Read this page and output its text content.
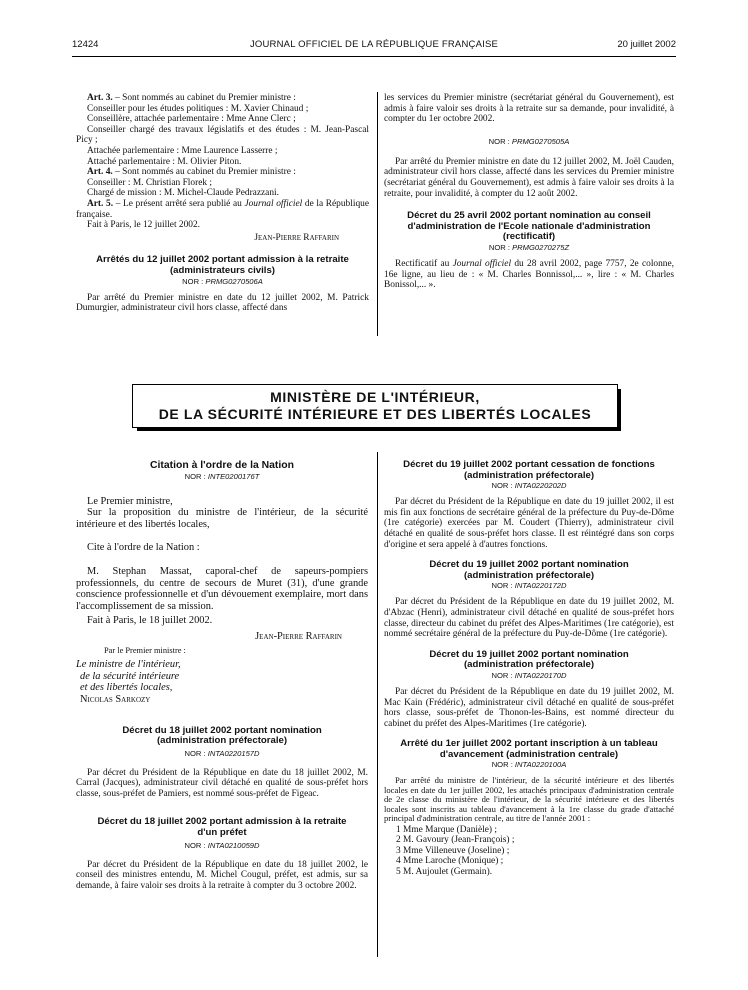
12424	JOURNAL OFFICIEL DE LA RÉPUBLIQUE FRANÇAISE	20 juillet 2002

Art. 3. – Sont nommés au cabinet du Premier ministre :

Conseiller pour les études politiques : M. Xavier Chinaud ;

Conseillère, attachée parlementaire : Mme Anne Clerc ;

Conseiller chargé des travaux législatifs et des études : M. Jean-Pascal Picy ;

Attachée parlementaire : Mme Laurence Lasserre ;

Attaché parlementaire : M. Olivier Piton.

Art. 4. – Sont nommés au cabinet du Premier ministre :

Conseiller : M. Christian Florek ;

Chargé de mission : M. Michel-Claude Pedrazzani.

Art. 5. – Le présent arrêté sera publié au Journal officiel de la République française.

Fait à Paris, le 12 juillet 2002.

Jean-Pierre Raffarin

Arrêtés du 12 juillet 2002 portant admission à la retraite (administrateurs civils)

NOR : PRMG0270506A

Par arrêté du Premier ministre en date du 12 juillet 2002, M. Patrick Dumurgier, administrateur civil hors classe, affecté dans

les services du Premier ministre (secrétariat général du Gouvernement), est admis à faire valoir ses droits à la retraite sur sa demande, pour invalidité, à compter du 1er octobre 2002.

NOR : PRMG0270505A

Par arrêté du Premier ministre en date du 12 juillet 2002, M. Joël Cauden, administrateur civil hors classe, affecté dans les services du Premier ministre (secrétariat général du Gouvernement), est admis à faire valoir ses droits à la retraite, pour invalidité, à compter du 12 août 2002.

Décret du 25 avril 2002 portant nomination au conseil d'administration de l'Ecole nationale d'administration (rectificatif)

NOR : PRMG0270275Z

Rectificatif au Journal officiel du 28 avril 2002, page 7757, 2e colonne, 16e ligne, au lieu de : « M. Charles Bonnissol,... », lire : « M. Charles Bonissol,... ».

MINISTÈRE DE L'INTÉRIEUR,
DE LA SÉCURITÉ INTÉRIEURE ET DES LIBERTÉS LOCALES

Citation à l'ordre de la Nation

NOR : INTE0200176T

Le Premier ministre,

Sur la proposition du ministre de l'intérieur, de la sécurité intérieure et des libertés locales,

Cite à l'ordre de la Nation :

M. Stephan Massat, caporal-chef de sapeurs-pompiers professionnels, du centre de secours de Muret (31), d'une grande conscience professionnelle et d'un dévouement exemplaire, mort dans l'accomplissement de sa mission.

Fait à Paris, le 18 juillet 2002.

Jean-Pierre Raffarin

Par le Premier ministre :

Le ministre de l'intérieur,

de la sécurité intérieure

et des libertés locales,

Nicolas Sarkozy

Décret du 18 juillet 2002 portant nomination (administration préfectorale)

NOR : INTA0220157D

Par décret du Président de la République en date du 18 juillet 2002, M. Carral (Jacques), administrateur civil détaché en qualité de sous-préfet hors classe, sous-préfet de Pamiers, est nommé sous-préfet de Figeac.

Décret du 18 juillet 2002 portant admission à la retraite d'un préfet

NOR : INTA0210059D

Par décret du Président de la République en date du 18 juillet 2002, le conseil des ministres entendu, M. Michel Cougul, préfet, est admis, sur sa demande, à faire valoir ses droits à la retraite à compter du 3 octobre 2002.

Décret du 19 juillet 2002 portant cessation de fonctions (administration préfectorale)

NOR : INTA0220202D

Par décret du Président de la République en date du 19 juillet 2002, il est mis fin aux fonctions de secrétaire général de la préfecture du Puy-de-Dôme (1re catégorie) exercées par M. Coudert (Thierry), administrateur civil détaché en qualité de sous-préfet hors classe. Il est réintégré dans son corps d'origine et sera appelé à d'autres fonctions.

Décret du 19 juillet 2002 portant nomination (administration préfectorale)

NOR : INTA0220172D

Par décret du Président de la République en date du 19 juillet 2002, M. d'Abzac (Henri), administrateur civil détaché en qualité de sous-préfet hors classe, directeur du cabinet du préfet des Alpes-Maritimes (1re catégorie), est nommé secrétaire général de la préfecture du Puy-de-Dôme (1re catégorie).

Décret du 19 juillet 2002 portant nomination (administration préfectorale)

NOR : INTA0220170D

Par décret du Président de la République en date du 19 juillet 2002, M. Mac Kain (Frédéric), administrateur civil détaché en qualité de sous-préfet hors classe, sous-préfet de Thonon-les-Bains, est nommé directeur du cabinet du préfet des Alpes-Maritimes (1re catégorie).

Arrêté du 1er juillet 2002 portant inscription à un tableau d'avancement (administration centrale)

NOR : INTA0220100A

Par arrêté du ministre de l'intérieur, de la sécurité intérieure et des libertés locales en date du 1er juillet 2002, les attachés principaux d'administration centrale de 2e classe du ministère de l'intérieur, de la sécurité intérieure et des libertés locales sont inscrits au tableau d'avancement à la 1re classe du grade d'attaché principal d'administration centrale, au titre de l'année 2001 :

1 Mme Marque (Danièle) ;

2 M. Gavoury (Jean-François) ;

3 Mme Villeneuve (Joseline) ;

4 Mme Laroche (Monique) ;

5 M. Aujoulet (Germain).
